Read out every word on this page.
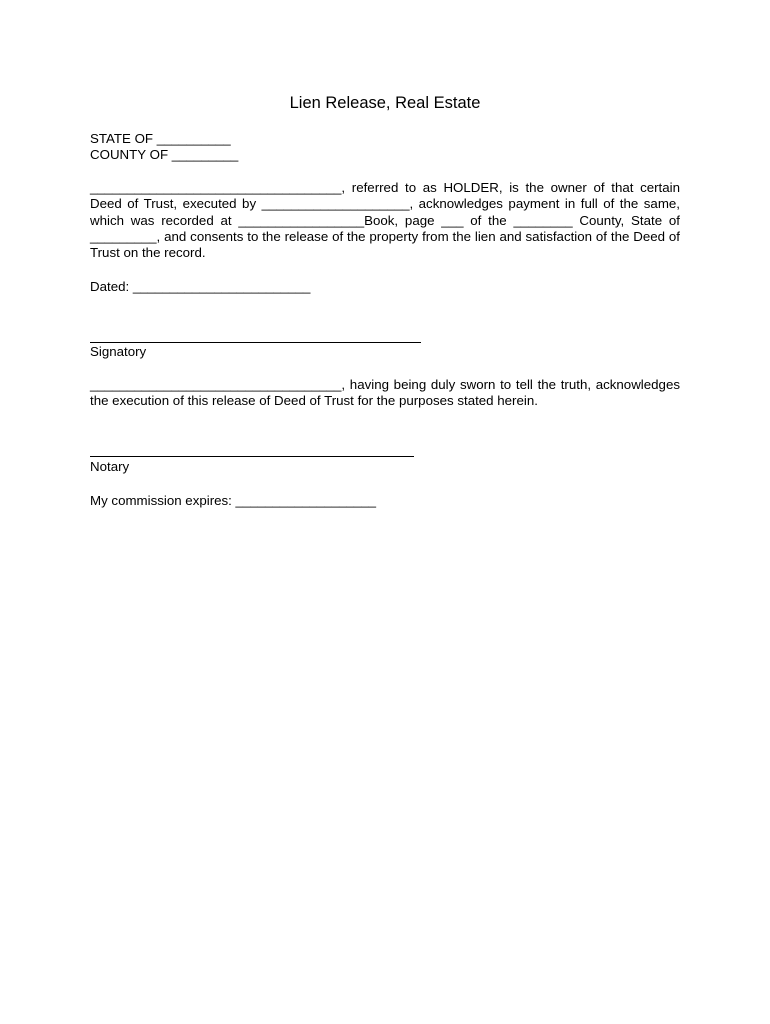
Lien Release, Real Estate
STATE OF __________
COUNTY OF _________
__________________________________, referred to as HOLDER, is the owner of that certain Deed of Trust, executed by ____________________, acknowledges payment in full of the same, which was recorded at _________________Book, page ___ of the ________ County, State of _________, and consents to the release of the property from the lien and satisfaction of the Deed of Trust on the record.
Dated: ________________________
Signatory
__________________________________, having being duly sworn to tell the truth, acknowledges the execution of this release of Deed of Trust for the purposes stated herein.
Notary
My commission expires: ___________________
